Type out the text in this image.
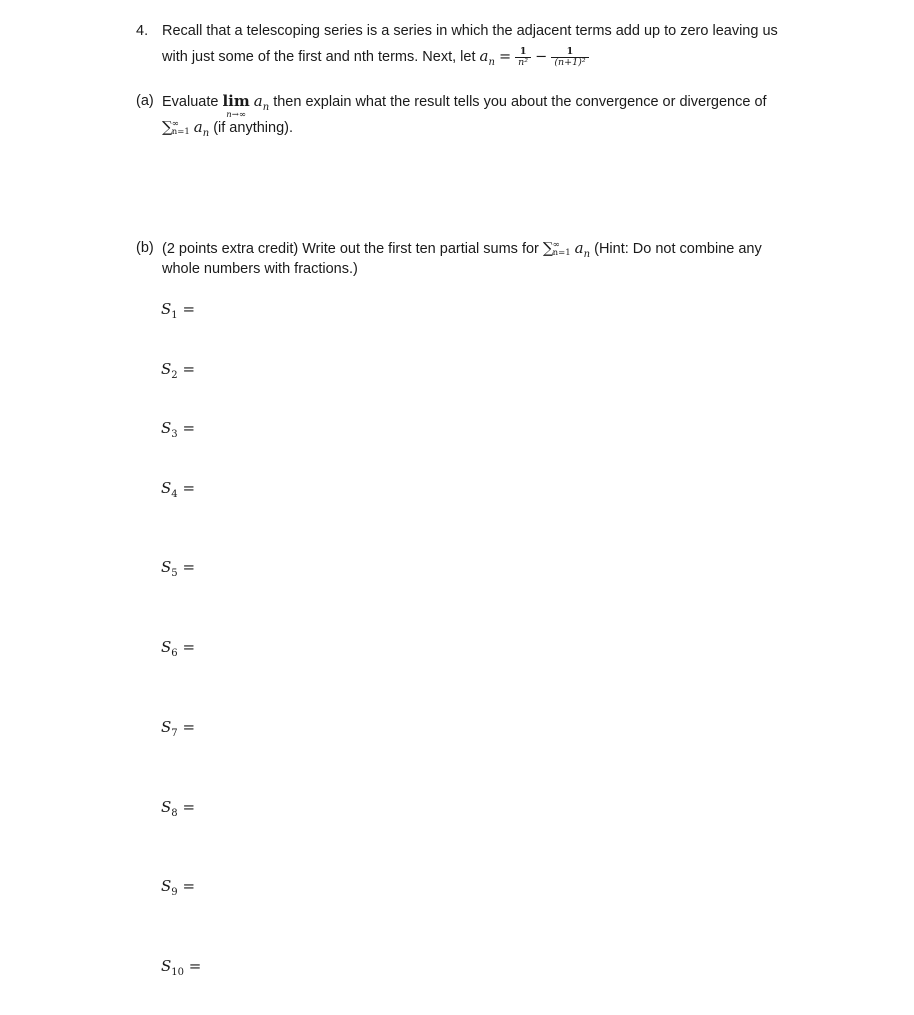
4. Recall that a telescoping series is a series in which the adjacent terms add up to zero leaving us
with just some of the first and nth terms. Next, let $a_n = \frac{1}{\text{n²}} - \frac{1}{\text{(n+1)²}}$
(a) Evaluate lim
n→∞
$a_n$ then explain what the result tells you about the convergence or divergence of
∑ ∞
n=1 $a_n$ (if anything).
(b) (2 points extra credit) Write out the first ten partial sums for ∑ ∞
n=1 $a_n$ (Hint: Do not combine any
whole numbers with fractions.)
$S_1$ =
$S_2$ =
$S_3$ =
$S_4$ =
$S_5$ =
$S_6$ =
$S_7$ =
$S_8$ =
$S_9$ =
$S_{10}$ =
